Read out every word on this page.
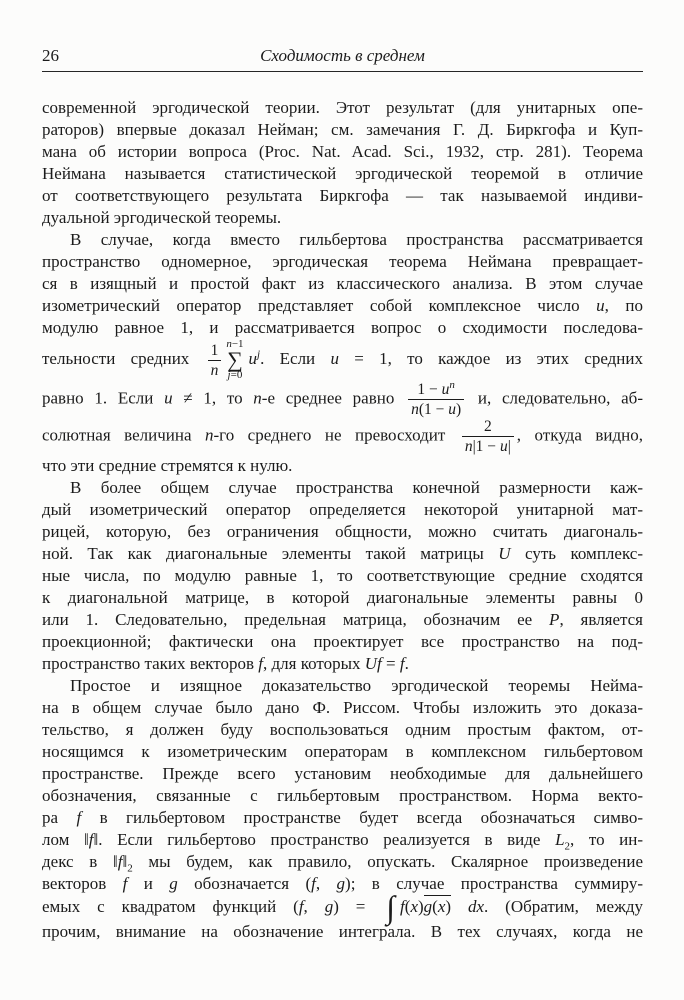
26	Сходимость в среднем
современной эргодической теории. Этот результат (для унитарных опе-
раторов) впервые доказал Нейман; см. замечания Г. Д. Биркгофа и Куп-
мана об истории вопроса (Proc. Nat. Acad. Sci., 1932, стр. 281). Теорема
Неймана называется статистической эргодической теоремой в отличие
от соответствующего результата Биркгофа — так называемой индиви-
дуальной эргодической теоремы.
В случае, когда вместо гильбертова пространства рассматривается
пространство одномерное, эргодическая теорема Неймана превращает-
ся в изящный и простой факт из классического анализа. В этом случае
изометрический оператор представляет собой комплексное число u, по
модулю равное 1, и рассматривается вопрос о сходимости последова-
тельности средних $\frac{1}{n} n-1$
∑
j=0
$u^j$. Если u = 1, то каждое из этих средних
равно 1. Если u ≠ 1, то n-е среднее равно $\frac{1 - u^n}{n(1 - u)} и$, следовательно, аб-
солютная величина n-го среднего не превосходит $\frac{2}{n|1 - u|}$ , откуда видно,
что эти средние стремятся к нулю.
В более общем случае пространства конечной размерности каж-
дый изометрический оператор определяется некоторой унитарной мат-
рицей, которую, без ограничения общности, можно считать диагональ-
ной. Так как диагональные элементы такой матрицы U суть комплекс-
ные числа, по модулю равные 1, то соответствующие средние сходятся
к диагональной матрице, в которой диагональные элементы равны 0
или 1. Следовательно, предельная матрица, обозначим ее P, является
проекционной; фактически она проектирует все пространство на под-
пространство таких векторов f, для которых Uf = f.
Простое и изящное доказательство эргодической теоремы Нейма-
на в общем случае было дано Ф. Риссом. Чтобы изложить это доказа-
тельство, я должен буду воспользоваться одним простым фактом, от-
носящимся к изометрическим операторам в комплексном гильбертовом
пространстве. Прежде всего установим необходимые для дальнейшего
обозначения, связанные с гильбертовым пространством. Норма векто-
ра f в гильбертовом пространстве будет всегда обозначаться симво-
лом ‖f‖. Если гильбертово пространство реализуется в виде $L_2$, то ин-
декс в $‖f‖_2$ мы будем, как правило, опускать. Скалярное произведение
векторов f и g обозначается (f, g); в случае пространства суммиру-
емых с квадратом функций (f, g) = ∫ f(x)g(x) dx. (Обратим, между
прочим, внимание на обозначение интеграла. В тех случаях, когда не
